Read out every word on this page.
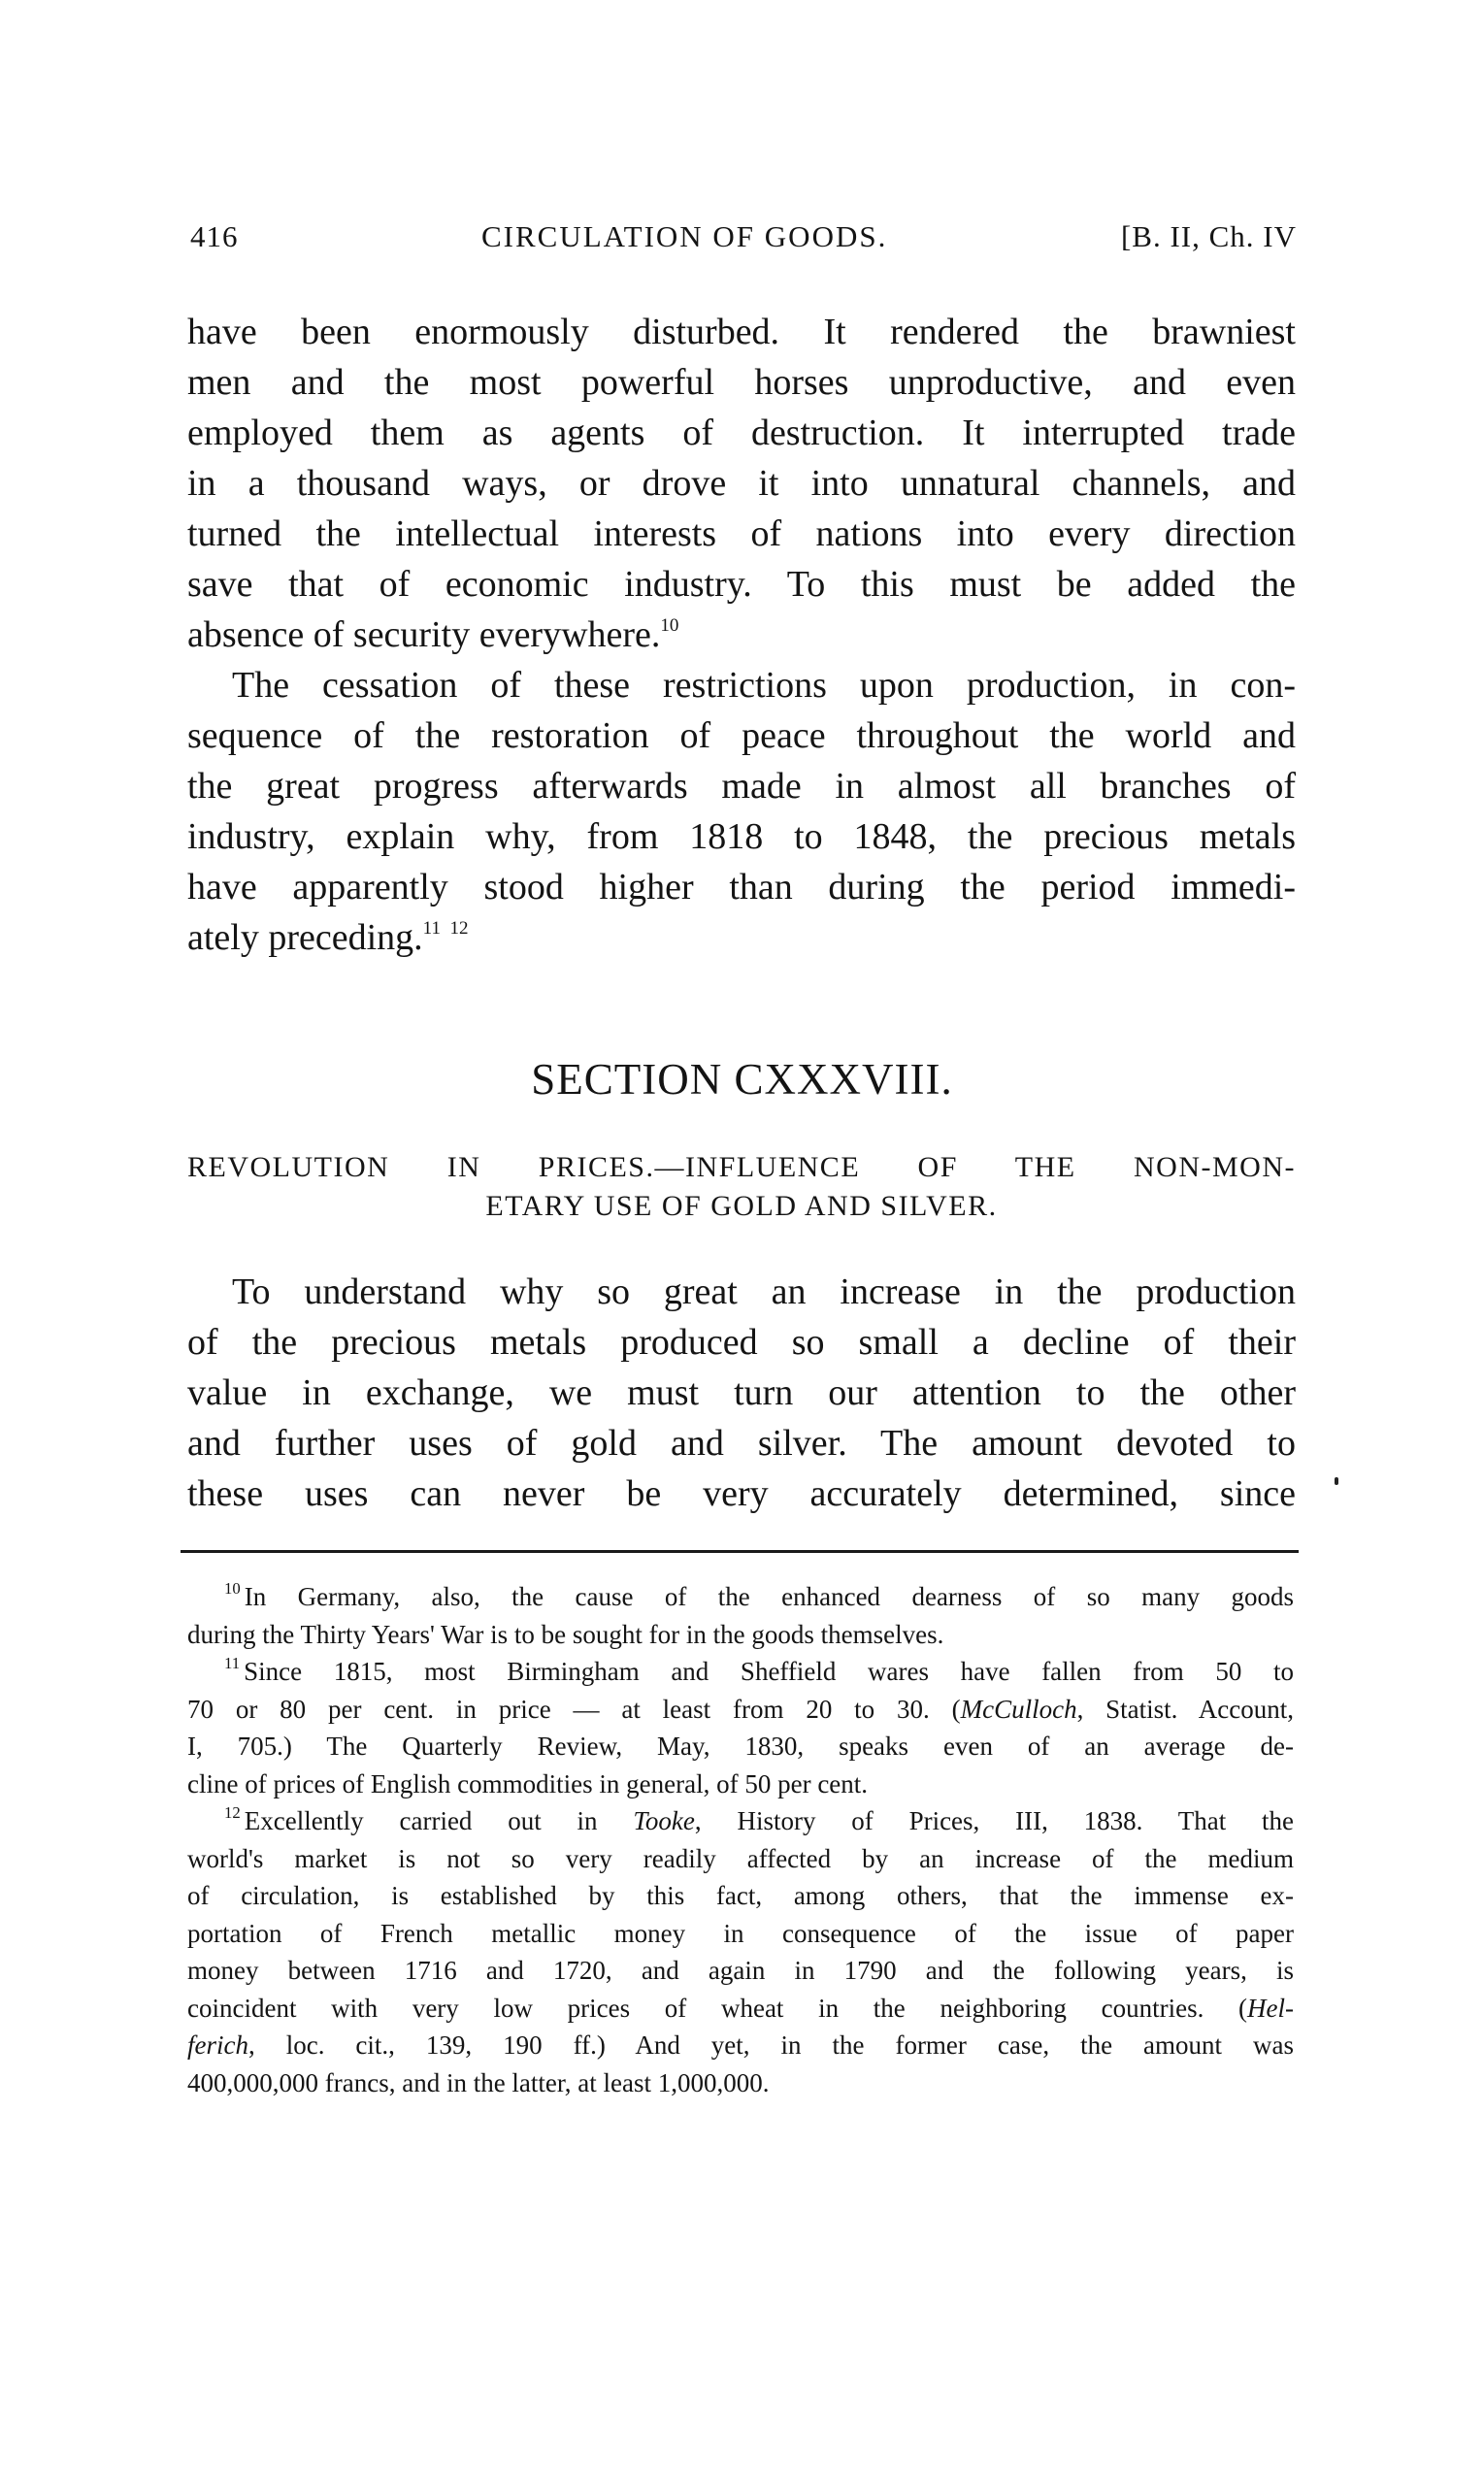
416	CIRCULATION OF GOODS.	[B. II, Ch. IV
have been enormously disturbed. It rendered the brawniest
men and the most powerful horses unproductive, and even
employed them as agents of destruction. It interrupted trade
in a thousand ways, or drove it into unnatural channels, and
turned the intellectual interests of nations into every direction
save that of economic industry. To this must be added the
absence of security everywhere.$^{10}$
The cessation of these restrictions upon production, in con-
sequence of the restoration of peace throughout the world and
the great progress afterwards made in almost all branches of
industry, explain why, from 1818 to 1848, the precious metals
have apparently stood higher than during the period immedi-
ately preceding.$^{11}$ $^{12}$
SECTION CXXXVIII.
REVOLUTION IN PRICES.—INFLUENCE OF THE NON-MON-
ETARY USE OF GOLD AND SILVER.
To understand why so great an increase in the production
of the precious metals produced so small a decline of their
value in exchange, we must turn our attention to the other
and further uses of gold and silver. The amount devoted to
these uses can never be very accurately determined, since
$^{10}$ In Germany, also, the cause of the enhanced dearness of so many goods
during the Thirty Years' War is to be sought for in the goods themselves.
$^{11}$ Since 1815, most Birmingham and Sheffield wares have fallen from 50 to
70 or 80 per cent. in price — at least from 20 to 30. (McCulloch, Statist. Account,
I, 705.) The Quarterly Review, May, 1830, speaks even of an average de-
cline of prices of English commodities in general, of 50 per cent.
$^{12}$ Excellently carried out in Tooke, History of Prices, III, 1838. That the
world's market is not so very readily affected by an increase of the medium
of circulation, is established by this fact, among others, that the immense ex-
portation of French metallic money in consequence of the issue of paper
money between 1716 and 1720, and again in 1790 and the following years, is
coincident with very low prices of wheat in the neighboring countries. (Hel-
ferich, loc. cit., 139, 190 ff.) And yet, in the former case, the amount was
400,000,000 francs, and in the latter, at least 1,000,000.
